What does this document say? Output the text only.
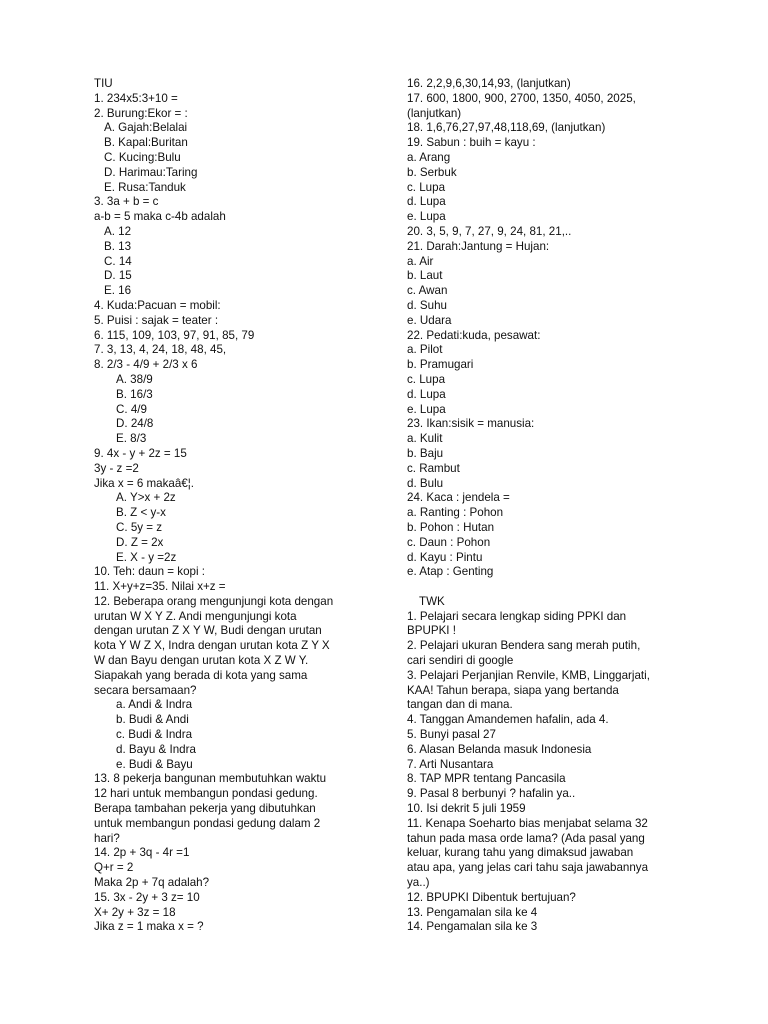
TIU
1. 234x5:3+10 =
2. Burung:Ekor = :
A. Gajah:Belalai
B. Kapal:Buritan
C. Kucing:Bulu
D. Harimau:Taring
E. Rusa:Tanduk
3. 3a + b = c
a-b = 5 maka c-4b adalah
A. 12
B. 13
C. 14
D. 15
E. 16
4. Kuda:Pacuan = mobil:
5. Puisi : sajak = teater :
6. 115, 109, 103, 97, 91, 85, 79
7. 3, 13, 4, 24, 18, 48, 45,
8. 2/3 - 4/9 + 2/3 x 6
A. 38/9
B. 16/3
C. 4/9
D. 24/8
E. 8/3
9. 4x - y + 2z = 15
3y - z =2
Jika x = 6 makaâ€¦.
A. Y>x + 2z
B. Z < y-x
C. 5y = z
D. Z = 2x
E. X - y =2z
10. Teh: daun = kopi :
11. X+y+z=35. Nilai x+z =
12. Beberapa orang mengunjungi kota dengan
urutan W X Y Z. Andi mengunjungi kota
dengan urutan Z X Y W, Budi dengan urutan
kota Y W Z X, Indra dengan urutan kota Z Y X
W dan Bayu dengan urutan kota X Z W Y.
Siapakah yang berada di kota yang sama
secara bersamaan?
a. Andi & Indra
b. Budi & Andi
c. Budi & Indra
d. Bayu & Indra
e. Budi & Bayu
13. 8 pekerja bangunan membutuhkan waktu
12 hari untuk membangun pondasi gedung.
Berapa tambahan pekerja yang dibutuhkan
untuk membangun pondasi gedung dalam 2
hari?
14. 2p + 3q - 4r =1
Q+r = 2
Maka 2p + 7q adalah?
15. 3x - 2y + 3 z= 10
X+ 2y + 3z = 18
Jika z = 1 maka x = ?
16. 2,2,9,6,30,14,93, (lanjutkan)
17. 600, 1800, 900, 2700, 1350, 4050, 2025,
(lanjutkan)
18. 1,6,76,27,97,48,118,69, (lanjutkan)
19. Sabun : buih = kayu :
a. Arang
b. Serbuk
c. Lupa
d. Lupa
e. Lupa
20. 3, 5, 9, 7, 27, 9, 24, 81, 21,..
21. Darah:Jantung = Hujan:
a. Air
b. Laut
c. Awan
d. Suhu
e. Udara
22. Pedati:kuda, pesawat:
a. Pilot
b. Pramugari
c. Lupa
d. Lupa
e. Lupa
23. Ikan:sisik = manusia:
a. Kulit
b. Baju
c. Rambut
d. Bulu
24. Kaca : jendela =
a. Ranting : Pohon
b. Pohon : Hutan
c. Daun : Pohon
d. Kayu : Pintu
e. Atap : Genting
TWK
1. Pelajari secara lengkap siding PPKI dan
BPUPKI !
2. Pelajari ukuran Bendera sang merah putih,
cari sendiri di google
3. Pelajari Perjanjian Renvile, KMB, Linggarjati,
KAA! Tahun berapa, siapa yang bertanda
tangan dan di mana.
4. Tanggan Amandemen hafalin, ada 4.
5. Bunyi pasal 27
6. Alasan Belanda masuk Indonesia
7. Arti Nusantara
8. TAP MPR tentang Pancasila
9. Pasal 8 berbunyi ? hafalin ya..
10. Isi dekrit 5 juli 1959
11. Kenapa Soeharto bias menjabat selama 32
tahun pada masa orde lama? (Ada pasal yang
keluar, kurang tahu yang dimaksud jawaban
atau apa, yang jelas cari tahu saja jawabannya
ya..)
12. BPUPKI Dibentuk bertujuan?
13. Pengamalan sila ke 4
14. Pengamalan sila ke 3
